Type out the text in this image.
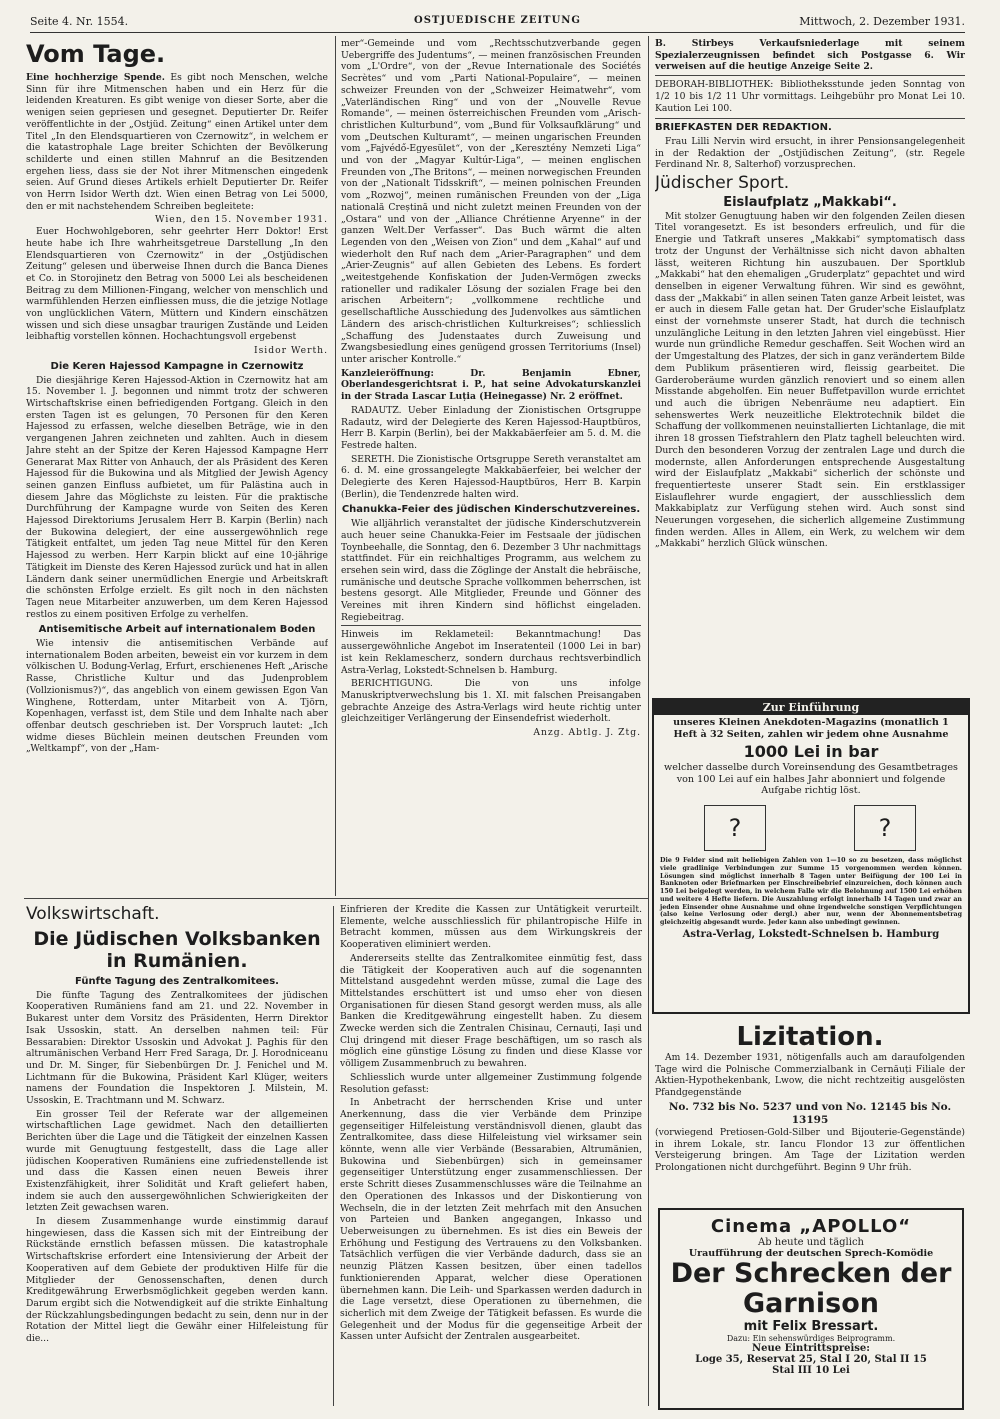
Seite 4. Nr. 1554.	OSTJUEDISCHE ZEITUNG	Mittwoch, 2. Dezember 1931.
Vom Tage.

Eine hochherzige Spende. Es gibt noch Menschen, welche Sinn für ihre Mitmenschen haben und ein Herz für die leidenden Kreaturen. Es gibt wenige von dieser Sorte, aber die wenigen seien gepriesen und gesegnet. Deputierter Dr. Reifer veröffentlichte in der „Ostjüd. Zeitung“ einen Artikel unter dem Titel „In den Elendsquartieren von Czernowitz“, in welchem er die katastrophale Lage breiter Schichten der Bevölkerung schilderte und einen stillen Mahnruf an die Besitzenden ergehen liess, dass sie der Not ihrer Mitmenschen eingedenk seien. Auf Grund dieses Artikels erhielt Deputierter Dr. Reifer von Herrn Isidor Werth dzt. Wien einen Betrag von Lei 5000, den er mit nachstehendem Schreiben begleitete:

Wien, den 15. November 1931.

Euer Hochwohlgeboren, sehr geehrter Herr Doktor! Erst heute habe ich Ihre wahrheitsgetreue Darstellung „In den Elendsquartieren von Czernowitz“ in der „Ostjüdischen Zeitung“ gelesen und überweise Ihnen durch die Banca Dienes et Co. in Storojinetz den Betrag von 5000 Lei als bescheidenen Beitrag zu dem Millionen-Fingang, welcher von menschlich und warmfühlenden Herzen einfliessen muss, die die jetzige Notlage von unglücklichen Vätern, Müttern und Kindern einschätzen wissen und sich diese unsagbar traurigen Zustände und Leiden leibhaftig vorstellen können. Hochachtungsvoll ergebenst

Isidor Werth.
Die Keren Hajessod Kampagne in Czernowitz

Die diesjährige Keren Hajessod-Aktion in Czernowitz hat am 15. November l. J. begonnen und nimmt trotz der schweren Wirtschaftskrise einen befriedigenden Fortgang. Gleich in den ersten Tagen ist es gelungen, 70 Personen für den Keren Hajessod zu erfassen, welche dieselben Beträge, wie in den vergangenen Jahren zeichneten und zahlten. Auch in diesem Jahre steht an der Spitze der Keren Hajessod Kampagne Herr Generarat Max Ritter von Anhauch, der als Präsident des Keren Hajessod für die Bukowina und als Mitglied der Jewish Agency seinen ganzen Einfluss aufbietet, um für Palästina auch in diesem Jahre das Möglichste zu leisten. Für die praktische Durchführung der Kampagne wurde von Seiten des Keren Hajessod Direktoriums Jerusalem Herr B. Karpin (Berlin) nach der Bukowina delegiert, der eine aussergewöhnlich rege Tätigkeit entfaltet, um jeden Tag neue Mittel für den Keren Hajessod zu werben. Herr Karpin blickt auf eine 10-jährige Tätigkeit im Dienste des Keren Hajessod zurück und hat in allen Ländern dank seiner unermüdlichen Energie und Arbeitskraft die schönsten Erfolge erzielt. Es gilt noch in den nächsten Tagen neue Mitarbeiter anzuwerben, um dem Keren Hajessod restlos zu einem positiven Erfolge zu verhelfen.

Antisemitische Arbeit auf internationalem Boden

Wie intensiv die antisemitischen Verbände auf internationalem Boden arbeiten, beweist ein vor kurzem in dem völkischen U. Bodung-Verlag, Erfurt, erschienenes Heft „Arische Rasse, Christliche Kultur und das Judenproblem (Vollzionismus?)“, das angeblich von einem gewissen Egon Van Winghene, Rotterdam, unter Mitarbeit von A. Tjörn, Kopenhagen, verfasst ist, dem Stile und dem Inhalte nach aber offenbar deutsch geschrieben ist. Der Vorspruch lautet: „Ich widme dieses Büchlein meinen deutschen Freunden vom „Weltkampf“, von der „Ham-

mer“-Gemeinde und vom „Rechtsschutzverbande gegen Uebergriffe des Judentums“, — meinen französischen Freunden vom „L'Ordre“, von der „Revue Internationale des Sociétés Secrètes“ und vom „Parti National-Populaire“, — meinen schweizer Freunden von der „Schweizer Heimatwehr“, vom „Vaterländischen Ring“ und von der „Nouvelle Revue Romande“, — meinen österreichischen Freunden vom „Arisch-christlichen Kulturbund“, vom „Bund für Volksaufklärung“ und vom „Deutschen Kulturamt“, — meinen ungarischen Freunden vom „Fajvédő-Egyesület“, von der „Keresztény Nemzeti Liga“ und von der „Magyar Kultúr-Liga“, — meinen englischen Freunden von „The Britons“, — meinen norwegischen Freunden von der „Nationalt Tidsskrift“, — meinen polnischen Freunden vom „Rozwoj“, meinen rumänischen Freunden von der „Liga natională Creștină und nicht zuletzt meinen Freunden von der „Ostara“ und von der „Alliance Chrétienne Aryenne“ in der ganzen Welt.Der Verfasser“. Das Buch wärmt die alten Legenden von den „Weisen von Zion“ und dem „Kahal“ auf und wiederholt den Ruf nach dem „Arier-Paragraphen“ und dem „Arier-Zeugnis“ auf allen Gebieten des Lebens. Es fordert „weitestgehende Konfiskation der Juden-Vermögen zwecks rationeller und radikaler Lösung der sozialen Frage bei den arischen Arbeitern“; „vollkommene rechtliche und gesellschaftliche Ausschiedung des Judenvolkes aus sämtlichen Ländern des arisch-christlichen Kulturkreises“; schliesslich „Schaffung des Judenstaates durch Zuweisung und Zwangsbesiedlung eines genügend grossen Territoriums (Insel) unter arischer Kontrolle.“

Kanzleieröffnung: Dr. Benjamin Ebner, Oberlandesgerichtsrat i. P., hat seine Advokaturskanzlei in der Strada Lascar Luția (Heinegasse) Nr. 2 eröffnet.

RADAUTZ. Ueber Einladung der Zionistischen Ortsgruppe Radautz, wird der Delegierte des Keren Hajessod-Hauptbüros, Herr B. Karpin (Berlin), bei der Makkabäerfeier am 5. d. M. die Festrede halten.

SERETH. Die Zionistische Ortsgruppe Sereth veranstaltet am 6. d. M. eine grossangelegte Makkabäerfeier, bei welcher der Delegierte des Keren Hajessod-Hauptbüros, Herr B. Karpin (Berlin), die Tendenzrede halten wird.

Chanukka-Feier des jüdischen Kinderschutzvereines.

Wie alljährlich veranstaltet der jüdische Kinderschutzverein auch heuer seine Chanukka-Feier im Festsaale der jüdischen Toynbeehalle, die Sonntag, den 6. Dezember 3 Uhr nachmittags stattfindet. Für ein reichhaltiges Programm, aus welchem zu ersehen sein wird, dass die Zöglinge der Anstalt die hebräische, rumänische und deutsche Sprache vollkommen beherrschen, ist bestens gesorgt. Alle Mitglieder, Freunde und Gönner des Vereines mit ihren Kindern sind höflichst eingeladen. Regiebeitrag.

Hinweis im Reklameteil: Bekanntmachung! Das aussergewöhnliche Angebot im Inseratenteil (1000 Lei in bar) ist kein Reklamescherz, sondern durchaus rechtsverbindlich Astra-Verlag, Lokstedt-Schnelsen b. Hamburg.

BERICHTIGUNG. Die von uns infolge Manuskriptverwechslung bis 1. XI. mit falschen Preisangaben gebrachte Anzeige des Astra-Verlags wird heute richtig unter gleichzeitiger Verlängerung der Einsendefrist wiederholt.

Anzg. Abtlg. J. Ztg.

B. Stirbeys Verkaufsniederlage mit seinem Spezialerzeugnissen befindet sich Postgasse 6. Wir verweisen auf die heutige Anzeige Seite 2.

DEBORAH-BIBLIOTHEK: Bibliotheksstunde jeden Sonntag von 1/2 10 bis 1/2 11 Uhr vormittags. Leihgebühr pro Monat Lei 10. Kaution Lei 100.

BRIEFKASTEN DER REDAKTION.

Frau Lilli Nervin wird ersucht, in ihrer Pensionsangelegenheit in der Redaktion der „Ostjüdischen Zeitung“, (str. Regele Ferdinand Nr. 8, Salterhof) vorzusprechen.

Jüdischer Sport.
Eislaufplatz „Makkabi“.

Mit stolzer Genugtuung haben wir den folgenden Zeilen diesen Titel vorangesetzt. Es ist besonders erfreulich, und für die Energie und Tatkraft unseres „Makkabi“ symptomatisch dass trotz der Ungunst der Verhältnisse sich nicht davon abhalten lässt, weiteren Richtung hin auszubauen. Der Sportklub „Makkabi“ hat den ehemaligen „Gruderplatz“ gepachtet und wird denselben in eigener Verwaltung führen. Wir sind es gewöhnt, dass der „Makkabi“ in allen seinen Taten ganze Arbeit leistet, was er auch in diesem Falle getan hat. Der Gruder'sche Eislaufplatz einst der vornehmste unserer Stadt, hat durch die technisch unzulängliche Leitung in den letzten Jahren viel eingebüsst. Hier wurde nun gründliche Remedur geschaffen. Seit Wochen wird an der Umgestaltung des Platzes, der sich in ganz verändertem Bilde dem Publikum präsentieren wird, fleissig gearbeitet. Die Garderoberäume wurden gänzlich renoviert und so einem allen Misstande abgeholfen. Ein neuer Buffetpavillon wurde errichtet und auch die übrigen Nebenräume neu adaptiert. Ein sehenswertes Werk neuzeitliche Elektrotechnik bildet die Schaffung der vollkommenen neuinstallierten Lichtanlage, die mit ihren 18 grossen Tiefstrahlern den Platz taghell beleuchten wird. Durch den besonderen Vorzug der zentralen Lage und durch die modernste, allen Anforderungen entsprechende Ausgestaltung wird der Eislaufplatz „Makkabi“ sicherlich der schönste und frequentierteste unserer Stadt sein. Ein erstklassiger Eislauflehrer wurde engagiert, der ausschliesslich dem Makkabiplatz zur Verfügung stehen wird. Auch sonst sind Neuerungen vorgesehen, die sicherlich allgemeine Zustimmung finden werden. Alles in Allem, ein Werk, zu welchem wir dem „Makkabi“ herzlich Glück wünschen.

Zur Einführung
unseres Kleinen Anekdoten-Magazins (monatlich 1 Heft à 32 Seiten, zahlen wir jedem ohne Ausnahme
1000 Lei in bar
welcher dasselbe durch Voreinsendung des Gesamtbetrages von 100 Lei auf ein halbes Jahr abonniert und folgende Aufgabe richtig löst.
?	?
Die 9 Felder sind mit beliebigen Zahlen von 1—10 so zu besetzen, dass möglichst viele gradlinige Verbindungen zur Summe 15 vorgenommen werden können. Lösungen sind möglichst innerhalb 8 Tagen unter Beifügung der 100 Lei in Banknoten oder Briefmarken per Einschreibebrief einzureichen, doch können auch 150 Lei beigelegt werden, in welchem Falle wir die Belohnung auf 1500 Lei erhöhen und weitere 4 Hefte liefern. Die Auszahlung erfolgt innerhalb 14 Tagen und zwar an jeden Einsender ohne Ausnahme und ohne irgendwelche sonstigen Verpflichtungen (also keine Verlosung oder dergl.) aber nur, wenn der Abonnementsbetrag gleichzeitig abgesandt wurde. Jeder kann also unbedingt gewinnen.
Astra-Verlag, Lokstedt-Schnelsen b. Hamburg
Volkswirtschaft.
Die Jüdischen Volksbanken in Rumänien.
Fünfte Tagung des Zentralkomitees.

Die fünfte Tagung des Zentralkomitees der jüdischen Kooperativen Rumäniens fand am 21. und 22. November in Bukarest unter dem Vorsitz des Präsidenten, Herrn Direktor Isak Ussoskin, statt. An derselben nahmen teil: Für Bessarabien: Direktor Ussoskin und Advokat J. Paghis für den altrumänischen Verband Herr Fred Saraga, Dr. J. Horodniceanu und Dr. M. Singer, für Siebenbürgen Dr. J. Fenichel und M. Lichtmann für die Bukowina, Präsident Karl Klüger, weiters namens der Foundation die Inspektoren J. Milstein, M. Ussoskin, E. Trachtmann und M. Schwarz.

Ein grosser Teil der Referate war der allgemeinen wirtschaftlichen Lage gewidmet. Nach den detaillierten Berichten über die Lage und die Tätigkeit der einzelnen Kassen wurde mit Genugtuung festgestellt, dass die Lage aller jüdischen Kooperativen Rumäniens eine zufriedenstellende ist und dass die Kassen einen neuen Beweis ihrer Existenzfähigkeit, ihrer Solidität und Kraft geliefert haben, indem sie auch den aussergewöhnlichen Schwierigkeiten der letzten Zeit gewachsen waren.

In diesem Zusammenhange wurde einstimmig darauf hingewiesen, dass die Kassen sich mit der Eintreibung der Rückstände ernstlich befassen müssen. Die katastrophale Wirtschaftskrise erfordert eine Intensivierung der Arbeit der Kooperativen auf dem Gebiete der produktiven Hilfe für die Mitglieder der Genossenschaften, denen durch Kreditgewährung Erwerbsmöglichkeit gegeben werden kann. Darum ergibt sich die Notwendigkeit auf die strikte Einhaltung der Rückzahlungsbedingungen bedacht zu sein, denn nur in der Rotation der Mittel liegt die Gewähr einer Hilfeleistung für die...

Einfrieren der Kredite die Kassen zur Untätigkeit verurteilt. Elemente, welche ausschliesslich für philantropische Hilfe in Betracht kommen, müssen aus dem Wirkungskreis der Kooperativen eliminiert werden.

Andererseits stellte das Zentralkomitee einmütig fest, dass die Tätigkeit der Kooperativen auch auf die sogenannten Mittelstand ausgedehnt werden müsse, zumal die Lage des Mittelstandes erschüttert ist und umso eher von diesen Organisationen für diesen Stand gesorgt werden muss, als alle Banken die Kreditgewährung eingestellt haben. Zu diesem Zwecke werden sich die Zentralen Chisinau, Cernauți, Iași und Cluj dringend mit dieser Frage beschäftigen, um so rasch als möglich eine günstige Lösung zu finden und diese Klasse vor völligem Zusammenbruch zu bewahren.

Schliesslich wurde unter allgemeiner Zustimmung folgende Resolution gefasst:

In Anbetracht der herrschenden Krise und unter Anerkennung, dass die vier Verbände dem Prinzipe gegenseitiger Hilfeleistung verständnisvoll dienen, glaubt das Zentralkomitee, dass diese Hilfeleistung viel wirksamer sein könnte, wenn alle vier Verbände (Bessarabien, Altrumänien, Bukowina und Siebenbürgen) sich in gemeinsamer gegenseitiger Unterstützung enger zusammenschliessen. Der erste Schritt dieses Zusammenschlusses wäre die Teilnahme an den Operationen des Inkassos und der Diskontierung von Wechseln, die in der letzten Zeit mehrfach mit den Ansuchen von Parteien und Banken angegangen, Inkasso und Ueberweisungen zu übernehmen. Es ist dies ein Beweis der Erhöhung und Festigung des Vertrauens zu den Volksbanken. Tatsächlich verfügen die vier Verbände dadurch, dass sie an neunzig Plätzen Kassen besitzen, über einen tadellos funktionierenden Apparat, welcher diese Operationen übernehmen kann. Die Leih- und Sparkassen werden dadurch in die Lage versetzt, diese Operationen zu übernehmen, die sicherlich mit dem Zweige der Tätigkeit befassen. Es wurde die Gelegenheit und der Modus für die gegenseitige Arbeit der Kassen unter Aufsicht der Zentralen ausgearbeitet.

Lizitation.

Am 14. Dezember 1931, nötigenfalls auch am daraufolgenden Tage wird die Polnische Commerzialbank in Cernăuți Filiale der Aktien-Hypothekenbank, Lwow, die nicht rechtzeitig ausgelösten Pfandgegenstände

No. 732 bis No. 5237 und von No. 12145 bis No. 13195

(vorwiegend Pretiosen-Gold-Silber und Bijouterie-Gegenstände) in ihrem Lokale, str. Iancu Flondor 13 zur öffentlichen Versteigerung bringen. Am Tage der Lizitation werden Prolongationen nicht durchgeführt. Beginn 9 Uhr früh.

Cinema „APOLLO“
Ab heute und täglich
Uraufführung der deutschen Sprech-Komödie
Der Schrecken der Garnison
mit Felix Bressart.
Dazu: Ein sehenswürdiges Beiprogramm.
Neue Eintrittspreise:
Loge 35, Reservat 25, Stal I 20, Stal II 15
Stal III 10 Lei
